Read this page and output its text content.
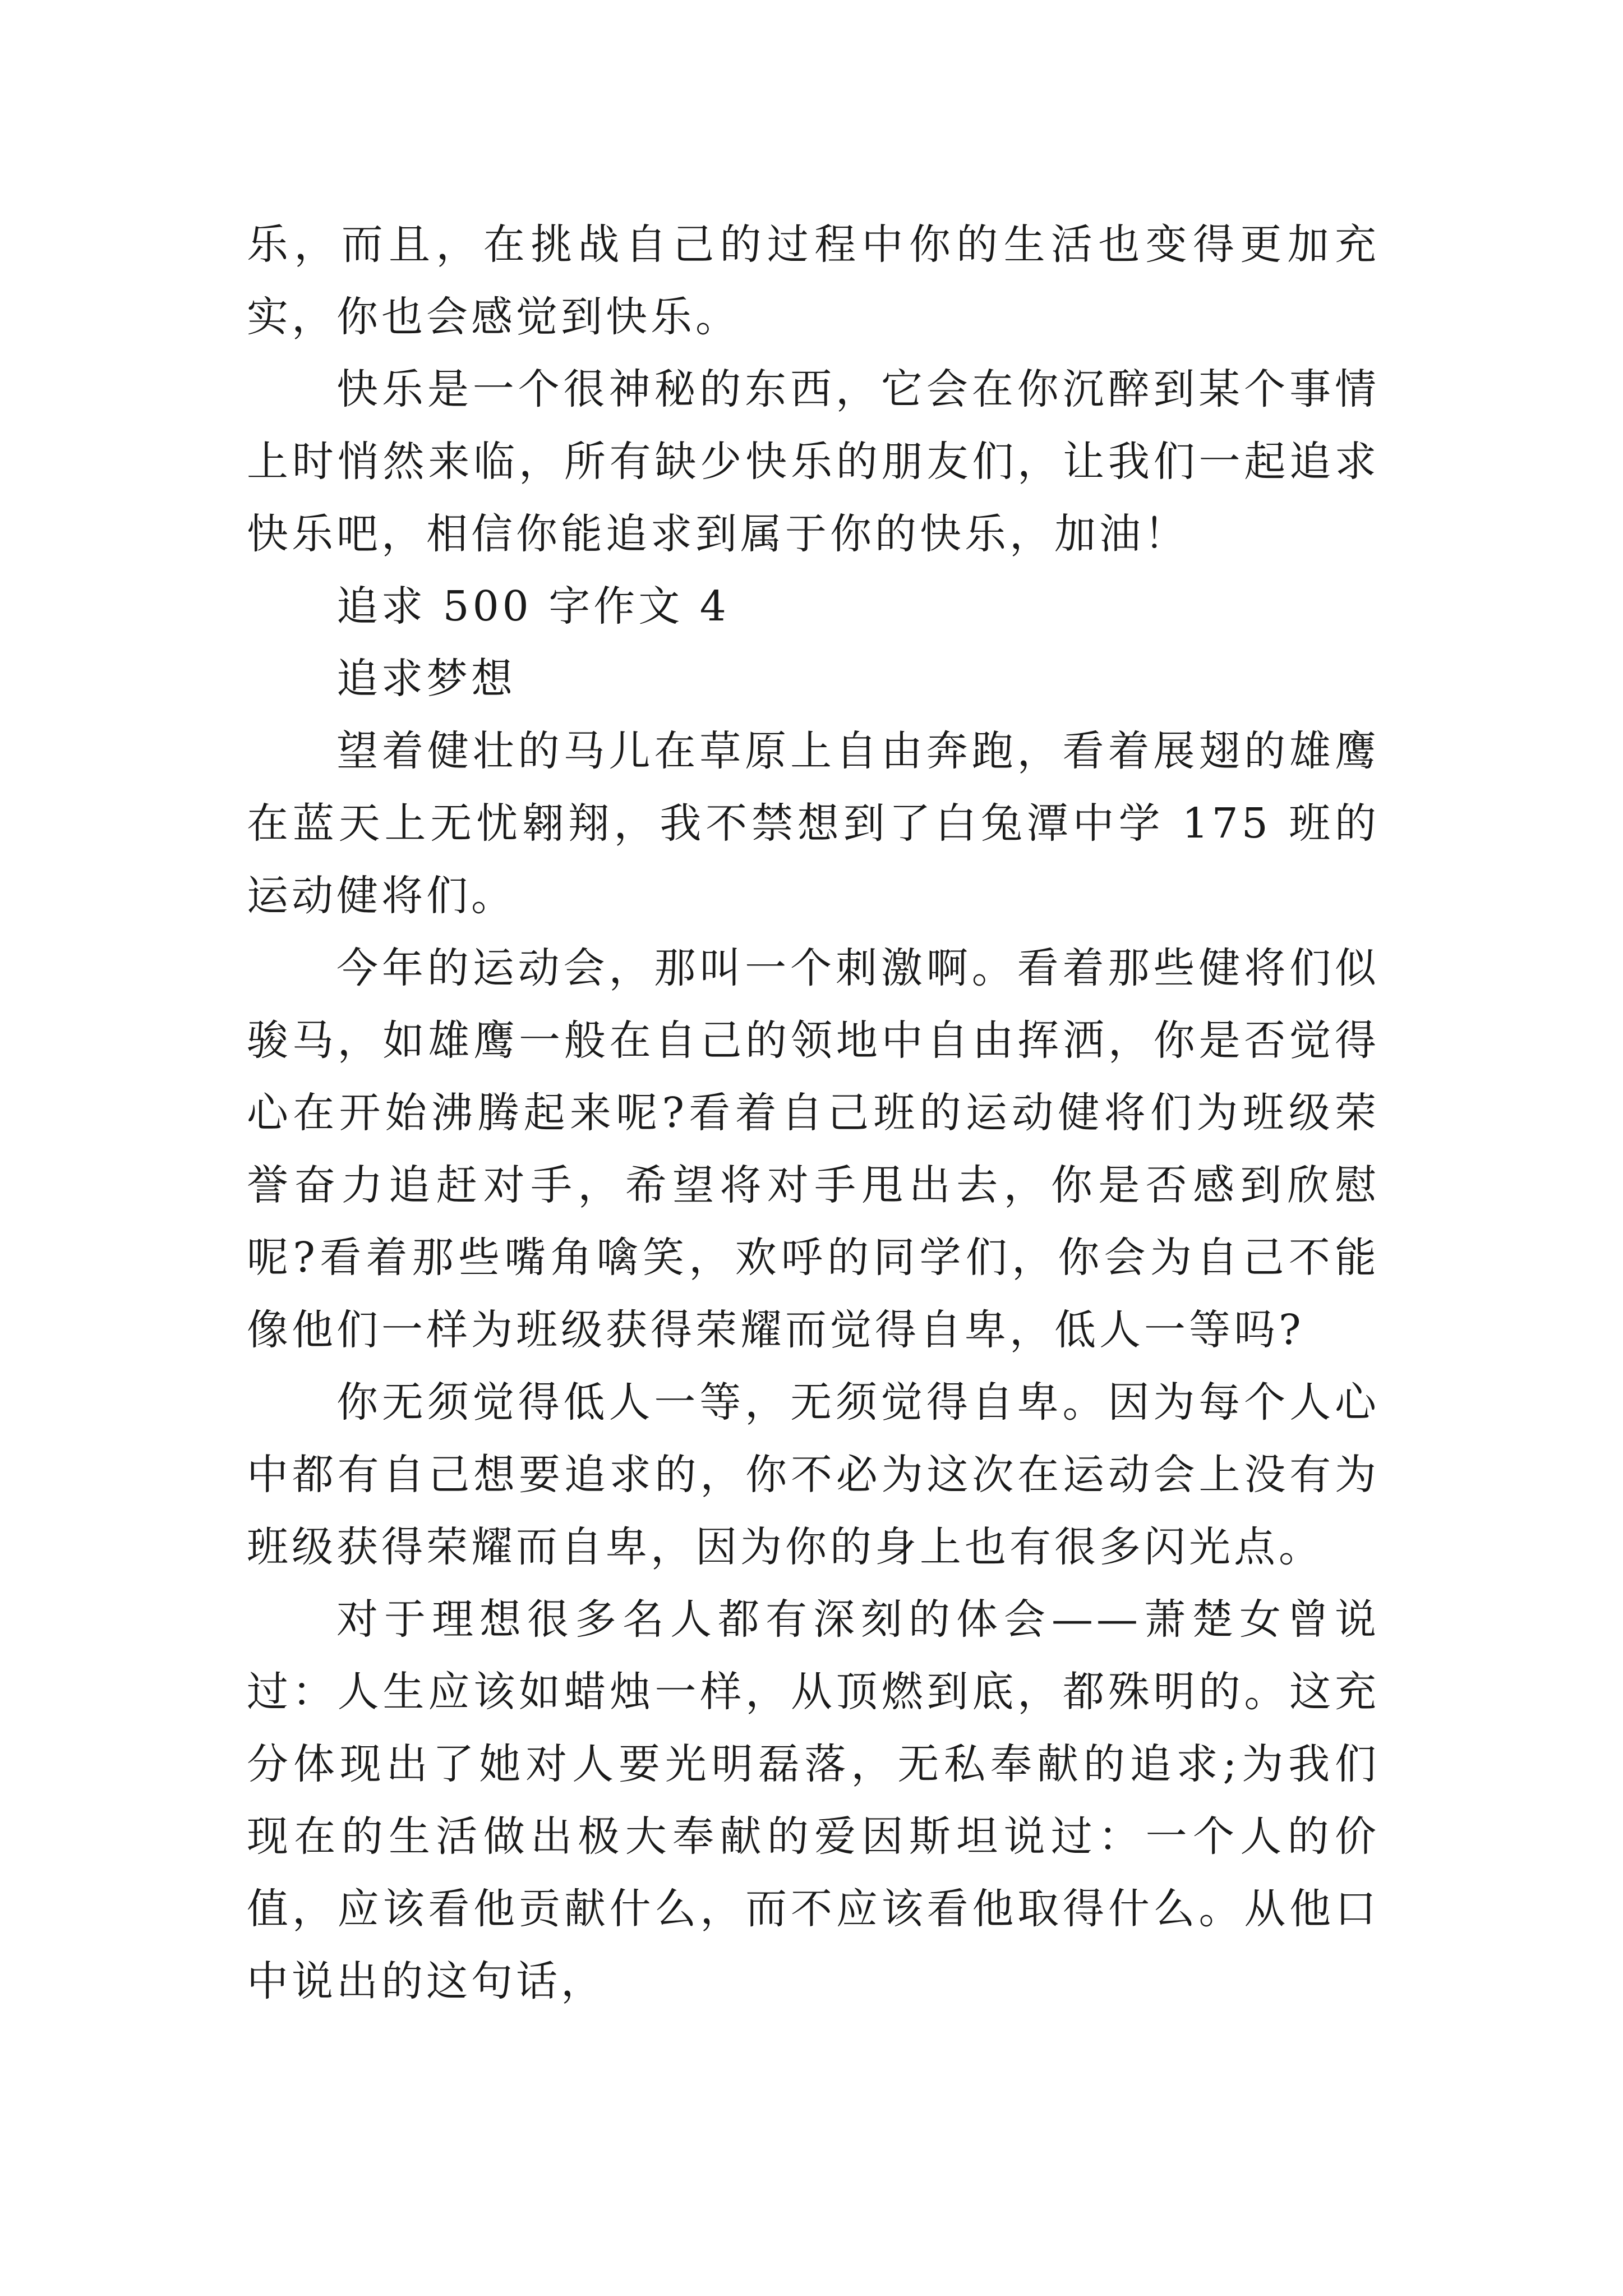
乐，而且，在挑战自己的过程中你的生活也变得更加充实，你也会感觉到快乐。

快乐是一个很神秘的东西，它会在你沉醉到某个事情上时悄然来临，所有缺少快乐的朋友们，让我们一起追求快乐吧，相信你能追求到属于你的快乐，加油！

追求 500 字作文 4

追求梦想

望着健壮的马儿在草原上自由奔跑，看着展翅的雄鹰在蓝天上无忧翱翔，我不禁想到了白兔潭中学 175 班的运动健将们。

今年的运动会，那叫一个刺激啊。看着那些健将们似骏马，如雄鹰一般在自己的领地中自由挥洒，你是否觉得心在开始沸腾起来呢?看着自己班的运动健将们为班级荣誉奋力追赶对手，希望将对手甩出去，你是否感到欣慰呢?看着那些嘴角噙笑，欢呼的同学们，你会为自己不能像他们一样为班级获得荣耀而觉得自卑，低人一等吗?

你无须觉得低人一等，无须觉得自卑。因为每个人心中都有自己想要追求的，你不必为这次在运动会上没有为班级获得荣耀而自卑，因为你的身上也有很多闪光点。

对于理想很多名人都有深刻的体会——萧楚女曾说过：人生应该如蜡烛一样，从顶燃到底，都殊明的。这充分体现出了她对人要光明磊落，无私奉献的追求;为我们现在的生活做出极大奉献的爱因斯坦说过：一个人的价值，应该看他贡献什么，而不应该看他取得什么。从他口中说出的这句话，
